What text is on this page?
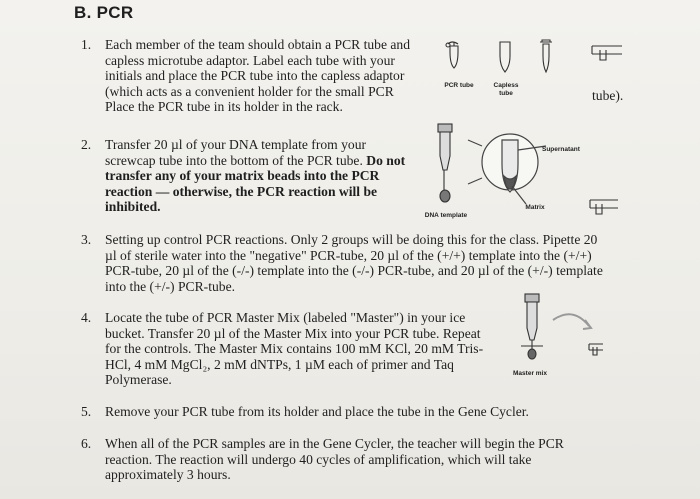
B. PCR
1. Each member of the team should obtain a PCR tube and
capless microtube adaptor. Label each tube with your
initials and place the PCR tube into the capless adaptor
(which acts as a convenient holder for the small PCR
Place the PCR tube in its holder in the rack.
tube).
PCR tube	Capless
tube
2. Transfer 20 µl of your DNA template from your
screwcap tube into the bottom of the PCR tube. Do not
transfer any of your matrix beads into the PCR
reaction — otherwise, the PCR reaction will be
inhibited.
Supernatant
Matrix
DNA template
3. Setting up control PCR reactions. Only 2 groups will be doing this for the class. Pipette 20
µl of sterile water into the "negative" PCR-tube, 20 µl of the (+/+) template into the (+/+)
PCR-tube, 20 µl of the (-/-) template into the (-/-) PCR-tube, and 20 µl of the (+/-) template
into the (+/-) PCR-tube.
4. Locate the tube of PCR Master Mix (labeled "Master") in your ice
bucket. Transfer 20 µl of the Master Mix into your PCR tube. Repeat
for the controls. The Master Mix contains 100 mM KCl, 20 mM Tris-
HCl, 4 mM MgCl₂, 2 mM dNTPs, 1 µM each of primer and Taq
Polymerase.	Master mix
5. Remove your PCR tube from its holder and place the tube in the Gene Cycler.
6. When all of the PCR samples are in the Gene Cycler, the teacher will begin the PCR
reaction. The reaction will undergo 40 cycles of amplification, which will take
approximately 3 hours.
